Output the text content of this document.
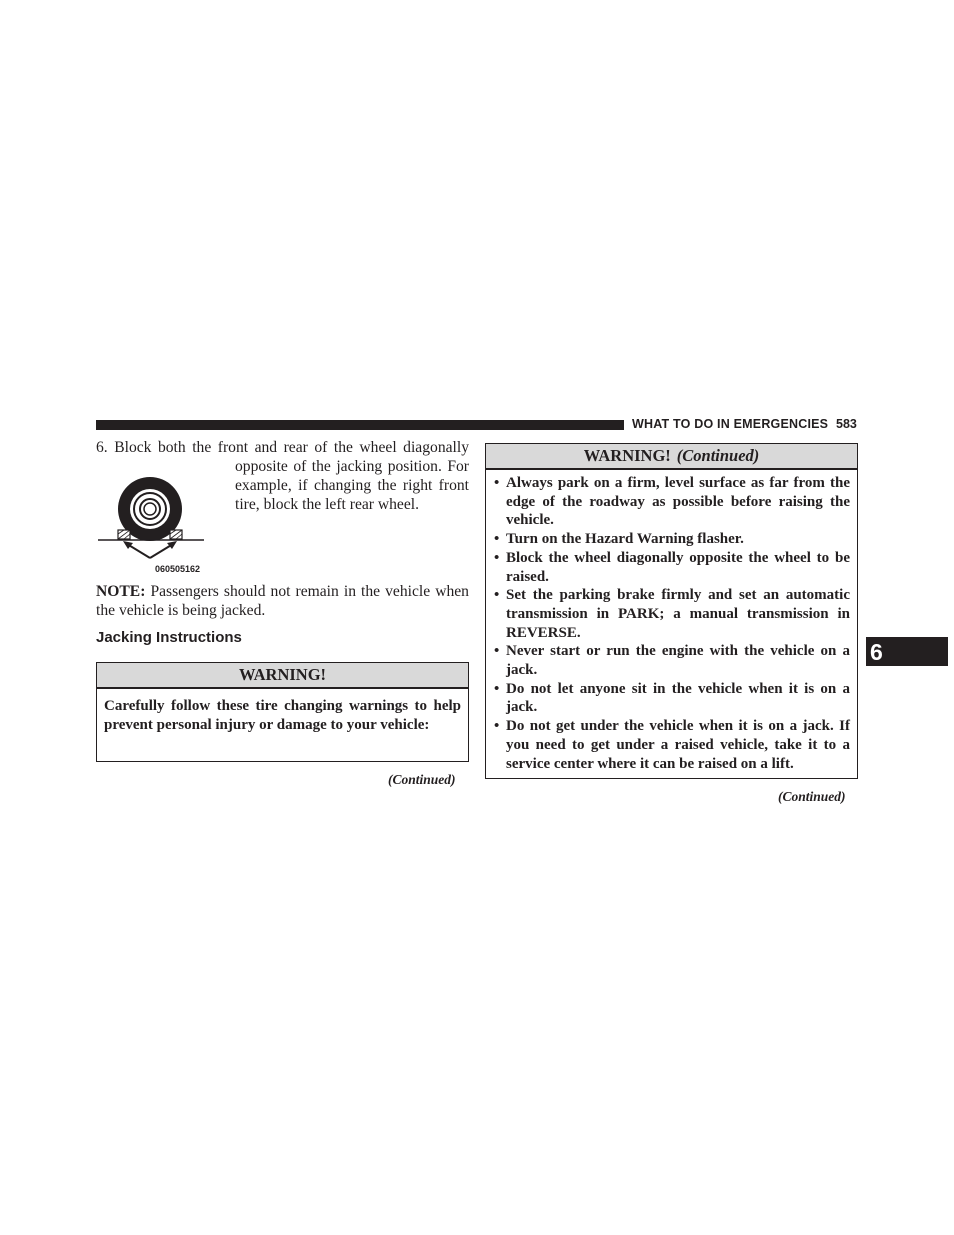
WHAT TO DO IN EMERGENCIES 583
6. Block both the front and rear of the wheel diagonally
opposite of the jacking position. For example, if changing the right front tire, block the left rear wheel.
060505162
NOTE: Passengers should not remain in the vehicle when the vehicle is being jacked.
Jacking Instructions
WARNING!
Carefully follow these tire changing warnings to help prevent personal injury or damage to your vehicle:
(Continued)
WARNING! (Continued)
• Always park on a firm, level surface as far from the edge of the roadway as possible before raising the vehicle.
• Turn on the Hazard Warning flasher.
• Block the wheel diagonally opposite the wheel to be raised.
• Set the parking brake firmly and set an automatic transmission in PARK; a manual transmission in REVERSE.
• Never start or run the engine with the vehicle on a jack.
• Do not let anyone sit in the vehicle when it is on a jack.
• Do not get under the vehicle when it is on a jack. If you need to get under a raised vehicle, take it to a service center where it can be raised on a lift.
(Continued)
6
